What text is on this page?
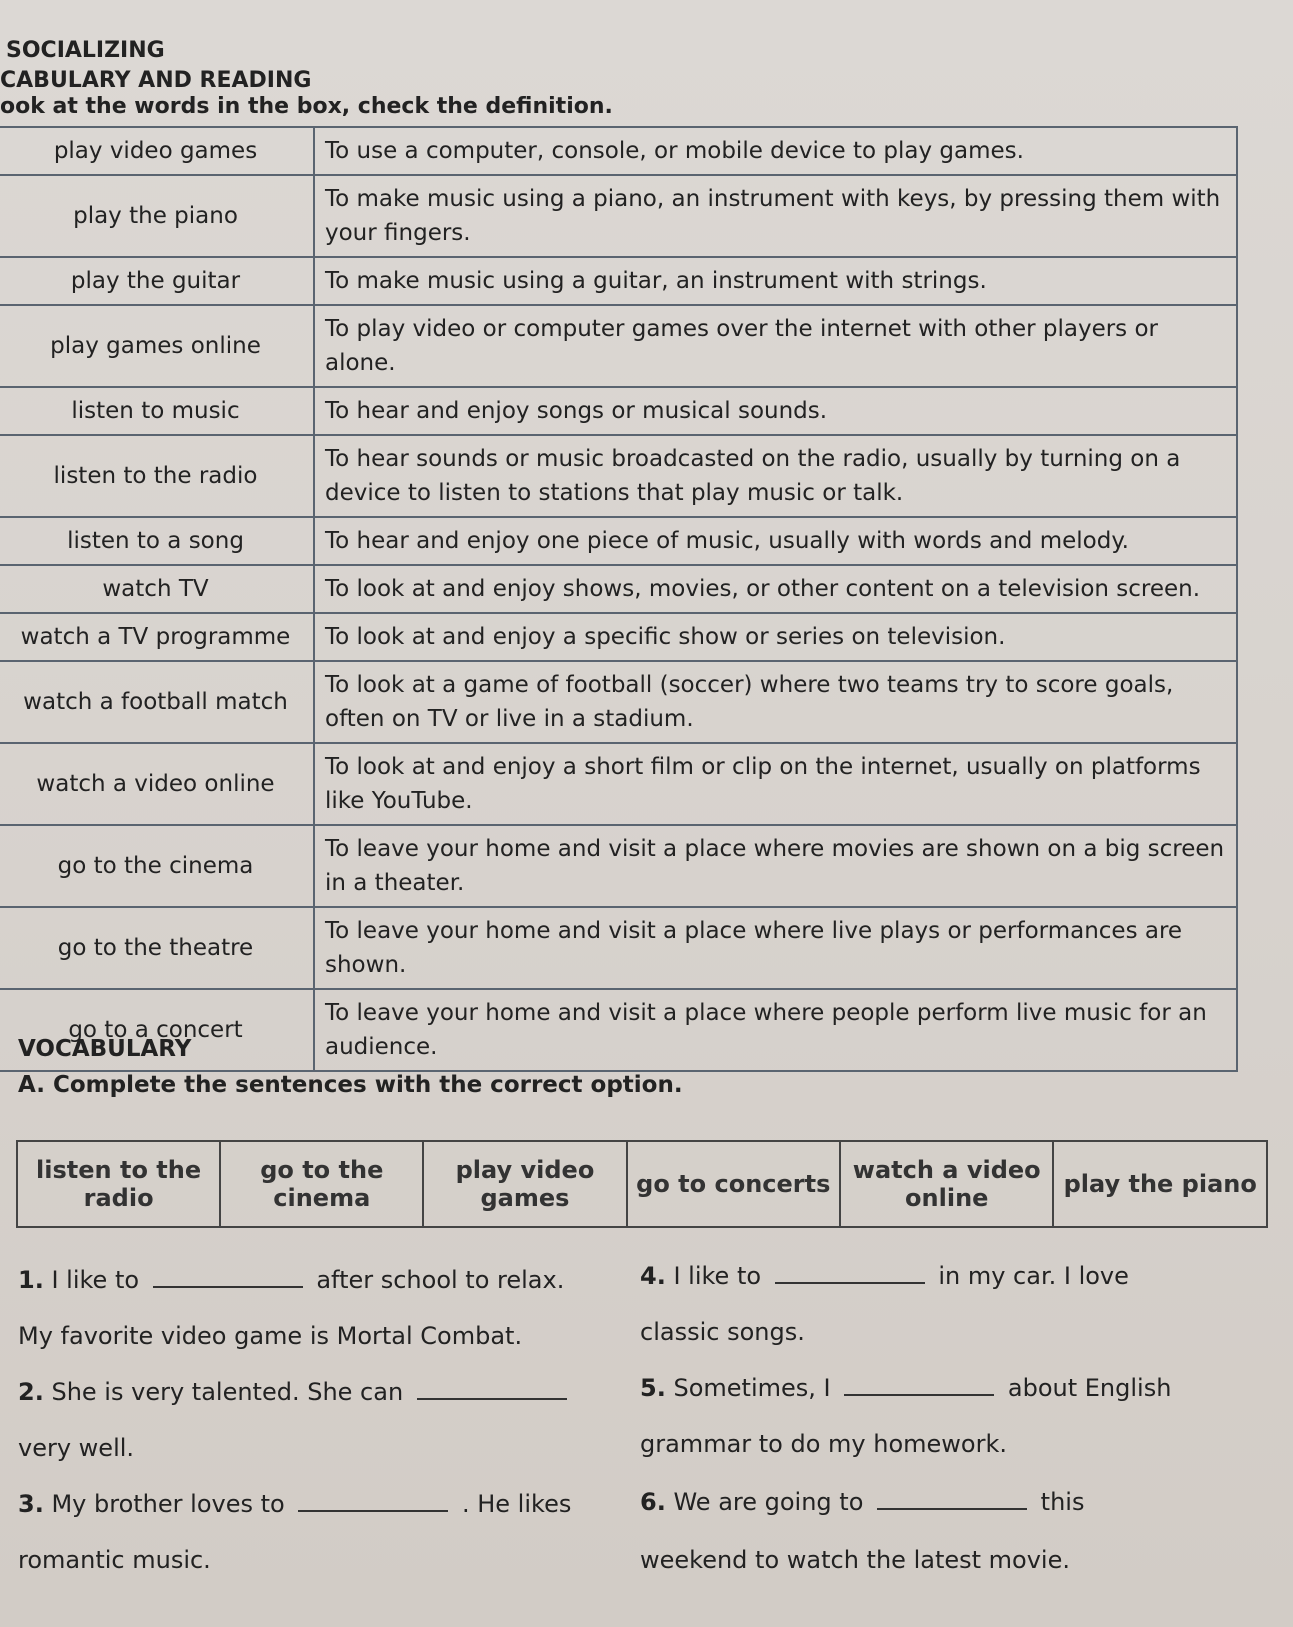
SOCIALIZING
CABULARY AND READING
ook at the words in the box, check the definition.
play video games	To use a computer, console, or mobile device to play games.
play the piano	To make music using a piano, an instrument with keys, by pressing them with your fingers.
play the guitar	To make music using a guitar, an instrument with strings.
play games online	To play video or computer games over the internet with other players or alone.
listen to music	To hear and enjoy songs or musical sounds.
listen to the radio	To hear sounds or music broadcasted on the radio, usually by turning on a device to listen to stations that play music or talk.
listen to a song	To hear and enjoy one piece of music, usually with words and melody.
watch TV	To look at and enjoy shows, movies, or other content on a television screen.
watch a TV programme	To look at and enjoy a specific show or series on television.
watch a football match	To look at a game of football (soccer) where two teams try to score goals, often on TV or live in a stadium.
watch a video online	To look at and enjoy a short film or clip on the internet, usually on platforms like YouTube.
go to the cinema	To leave your home and visit a place where movies are shown on a big screen in a theater.
go to the theatre	To leave your home and visit a place where live plays or performances are shown.
go to a concert	To leave your home and visit a place where people perform live music for an audience.
VOCABULARY
A. Complete the sentences with the correct option.
listen to the radio	go to the cinema	play video games	go to concerts	watch a video online	play the piano
1. I like to	after school to relax.
My favorite video game is Mortal Combat.
2. She is very talented. She can
very well.
3. My brother loves to	. He likes
romantic music.
4. I like to	in my car. I love
classic songs.
5. Sometimes, I	about English
grammar to do my homework.
6. We are going to	this
weekend to watch the latest movie.
